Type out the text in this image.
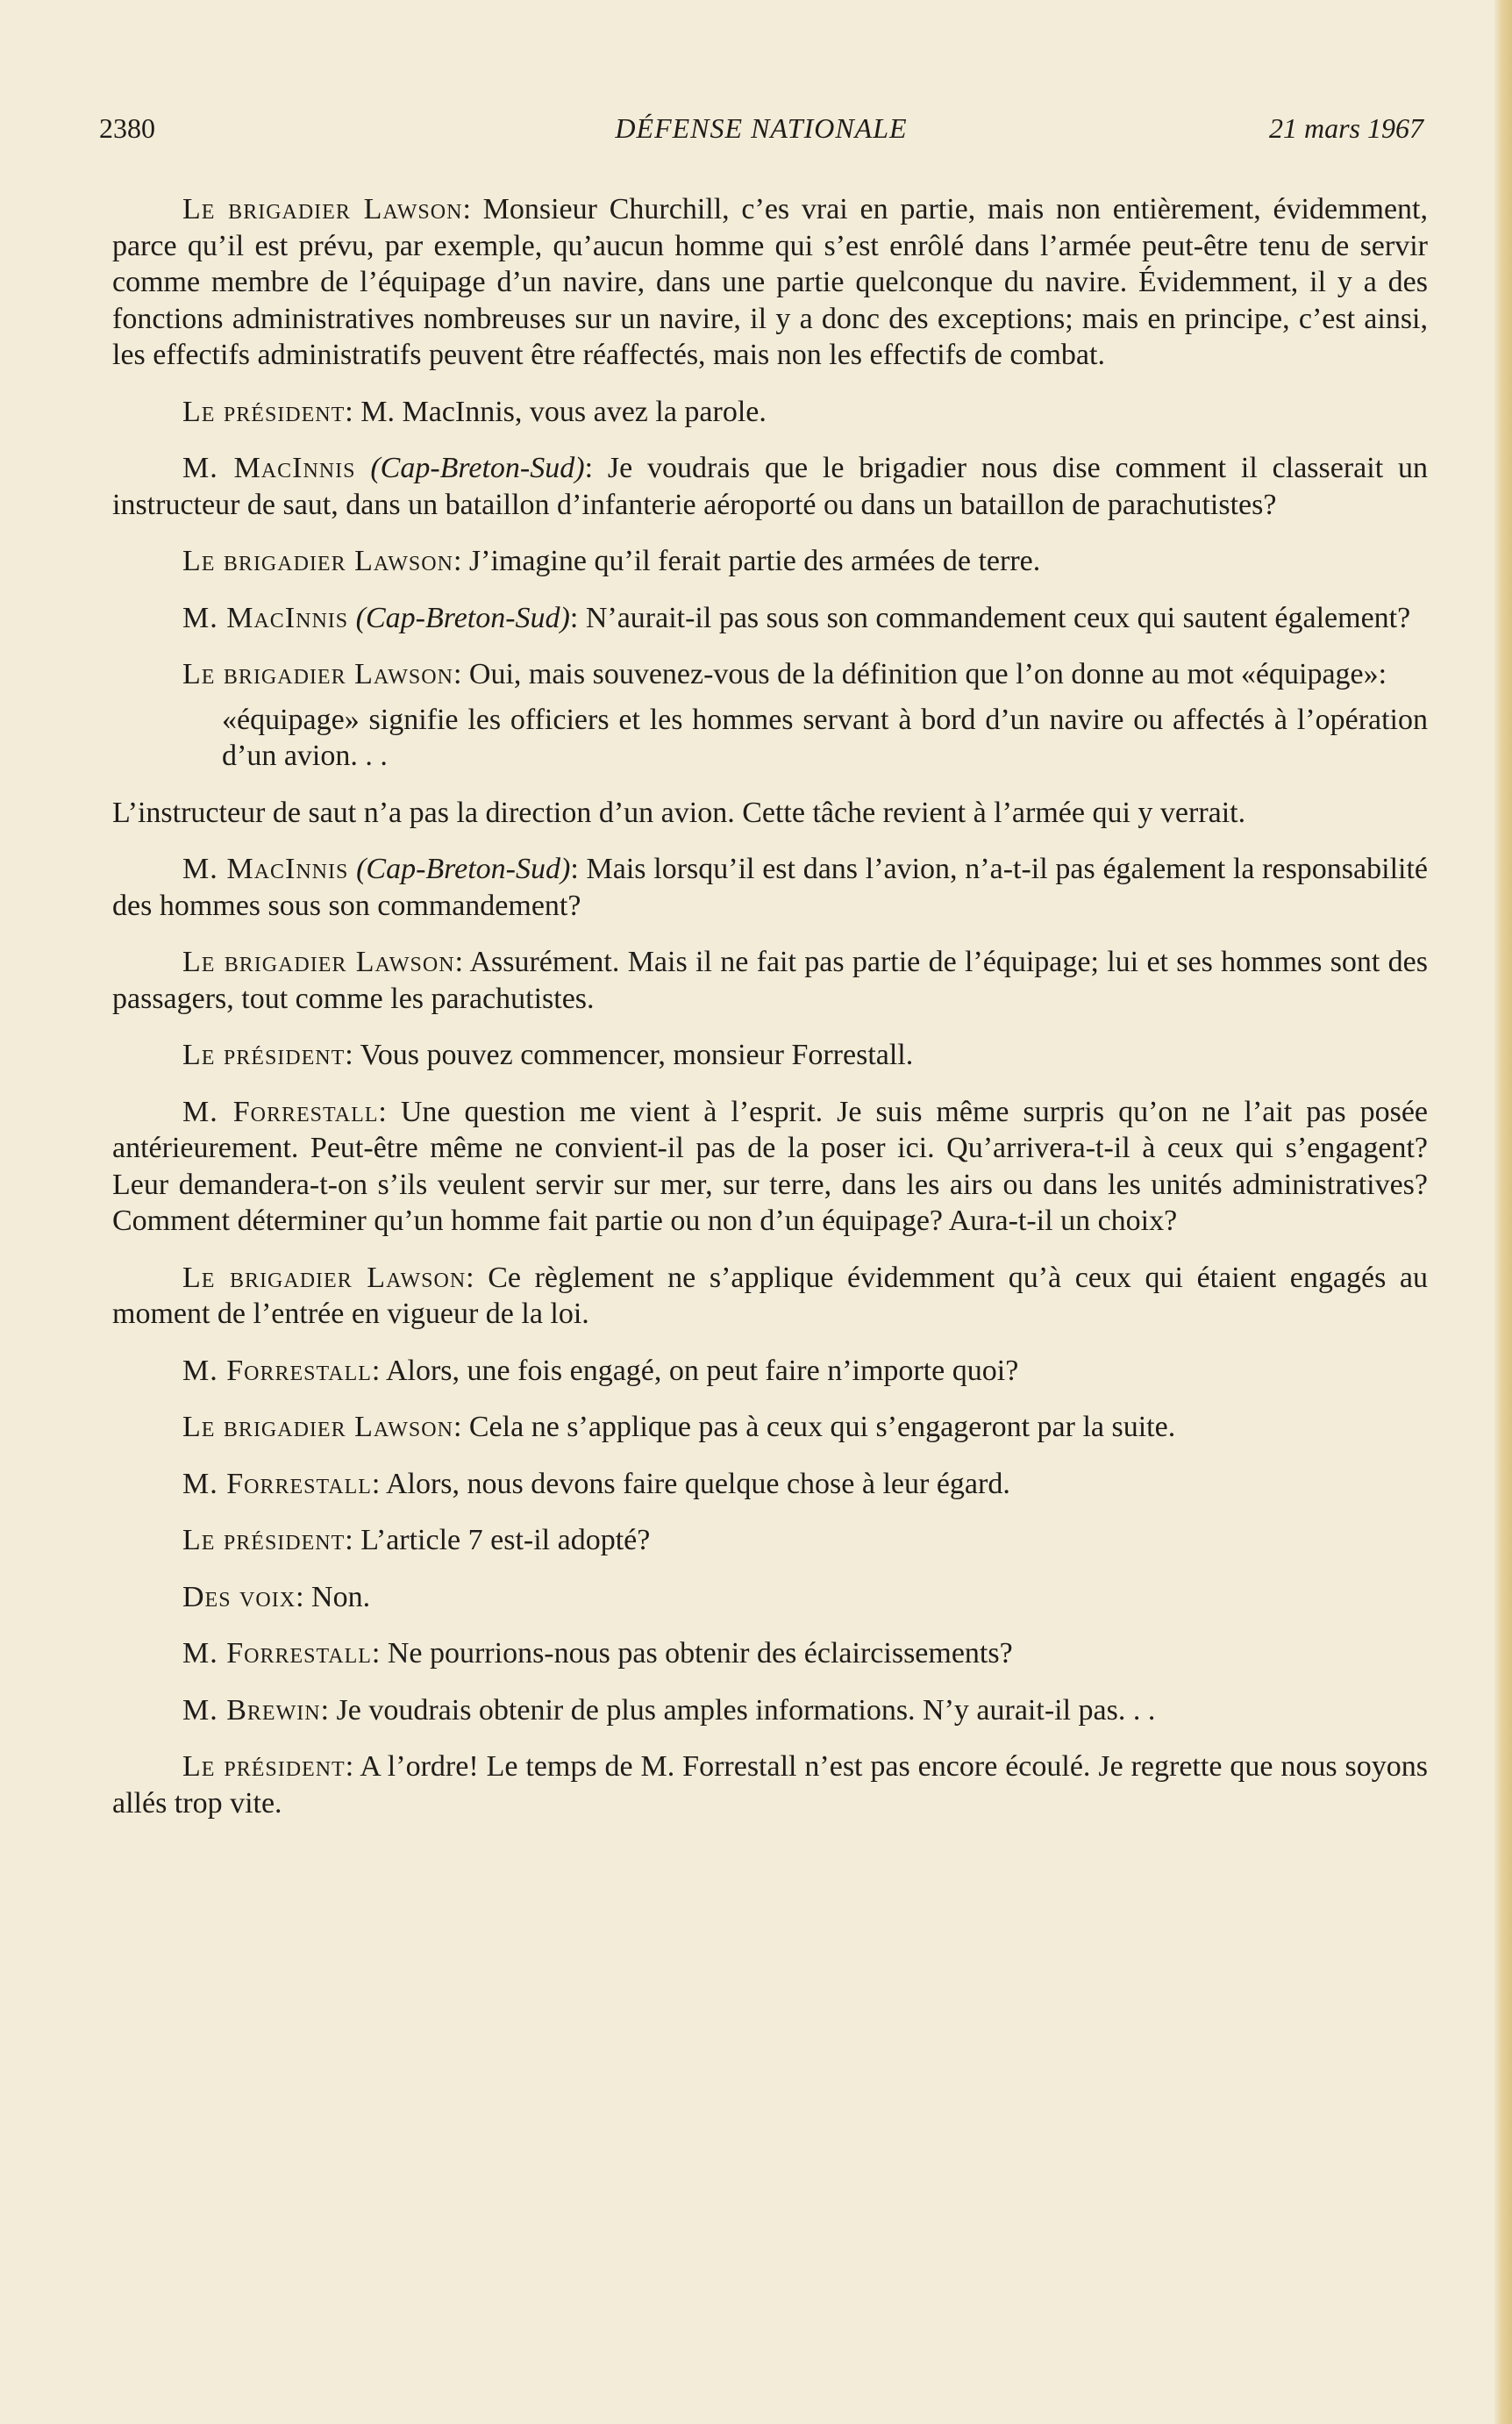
2380	DÉFENSE NATIONALE	21 mars 1967

Le brigadier Lawson: Monsieur Churchill, c’es vrai en partie, mais non entièrement, évidemment, parce qu’il est prévu, par exemple, qu’aucun homme qui s’est enrôlé dans l’armée peut-être tenu de servir comme membre de l’équipage d’un navire, dans une partie quelconque du navire. Évidemment, il y a des fonctions administratives nombreuses sur un navire, il y a donc des exceptions; mais en principe, c’est ainsi, les effectifs administratifs peuvent être réaffectés, mais non les effectifs de combat.

Le président: M. MacInnis, vous avez la parole.

M. MacInnis (Cap-Breton-Sud): Je voudrais que le brigadier nous dise comment il classerait un instructeur de saut, dans un bataillon d’infanterie aéroporté ou dans un bataillon de parachutistes?

Le brigadier Lawson: J’imagine qu’il ferait partie des armées de terre.

M. MacInnis (Cap-Breton-Sud): N’aurait-il pas sous son commandement ceux qui sautent également?

Le brigadier Lawson: Oui, mais souvenez-vous de la définition que l’on donne au mot «équipage»:

«équipage» signifie les officiers et les hommes servant à bord d’un navire ou affectés à l’opération d’un avion. . .

L’instructeur de saut n’a pas la direction d’un avion. Cette tâche revient à l’armée qui y verrait.

M. MacInnis (Cap-Breton-Sud): Mais lorsqu’il est dans l’avion, n’a-t-il pas également la responsabilité des hommes sous son commandement?

Le brigadier Lawson: Assurément. Mais il ne fait pas partie de l’équipage; lui et ses hommes sont des passagers, tout comme les parachutistes.

Le président: Vous pouvez commencer, monsieur Forrestall.

M. Forrestall: Une question me vient à l’esprit. Je suis même surpris qu’on ne l’ait pas posée antérieurement. Peut-être même ne convient-il pas de la poser ici. Qu’arrivera-t-il à ceux qui s’engagent? Leur demandera-t-on s’ils veulent servir sur mer, sur terre, dans les airs ou dans les unités administratives? Comment déterminer qu’un homme fait partie ou non d’un équipage? Aura-t-il un choix?

Le brigadier Lawson: Ce règlement ne s’applique évidemment qu’à ceux qui étaient engagés au moment de l’entrée en vigueur de la loi.

M. Forrestall: Alors, une fois engagé, on peut faire n’importe quoi?

Le brigadier Lawson: Cela ne s’applique pas à ceux qui s’engageront par la suite.

M. Forrestall: Alors, nous devons faire quelque chose à leur égard.

Le président: L’article 7 est-il adopté?

Des voix: Non.

M. Forrestall: Ne pourrions-nous pas obtenir des éclaircissements?

M. Brewin: Je voudrais obtenir de plus amples informations. N’y aurait-il pas. . .

Le président: A l’ordre! Le temps de M. Forrestall n’est pas encore écoulé. Je regrette que nous soyons allés trop vite.
